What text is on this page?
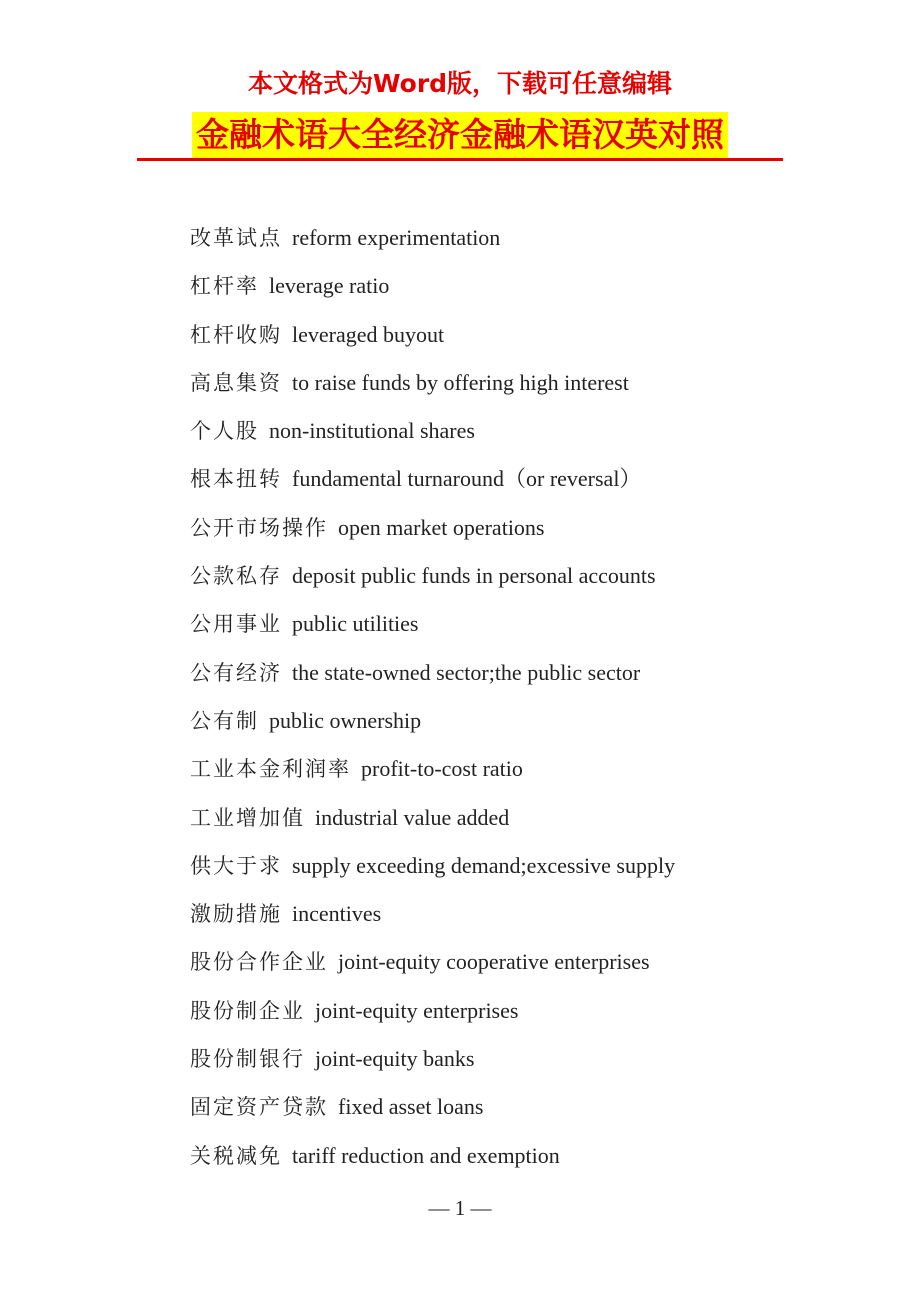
本文格式为Word版，下载可任意编辑
金融术语大全经济金融术语汉英对照
改革试点 reform experimentation
杠杆率 leverage ratio
杠杆收购 leveraged buyout
高息集资 to raise funds by offering high interest
个人股 non-institutional shares
根本扭转 fundamental turnaround（or reversal）
公开市场操作 open market operations
公款私存 deposit public funds in personal accounts
公用事业 public utilities
公有经济 the state-owned sector;the public sector
公有制 public ownership
工业本金利润率 profit-to-cost ratio
工业增加值 industrial value added
供大于求 supply exceeding demand;excessive supply
激励措施 incentives
股份合作企业 joint-equity cooperative enterprises
股份制企业 joint-equity enterprises
股份制银行 joint-equity banks
固定资产贷款 fixed asset loans
关税减免 tariff reduction and exemption
— 1 —
